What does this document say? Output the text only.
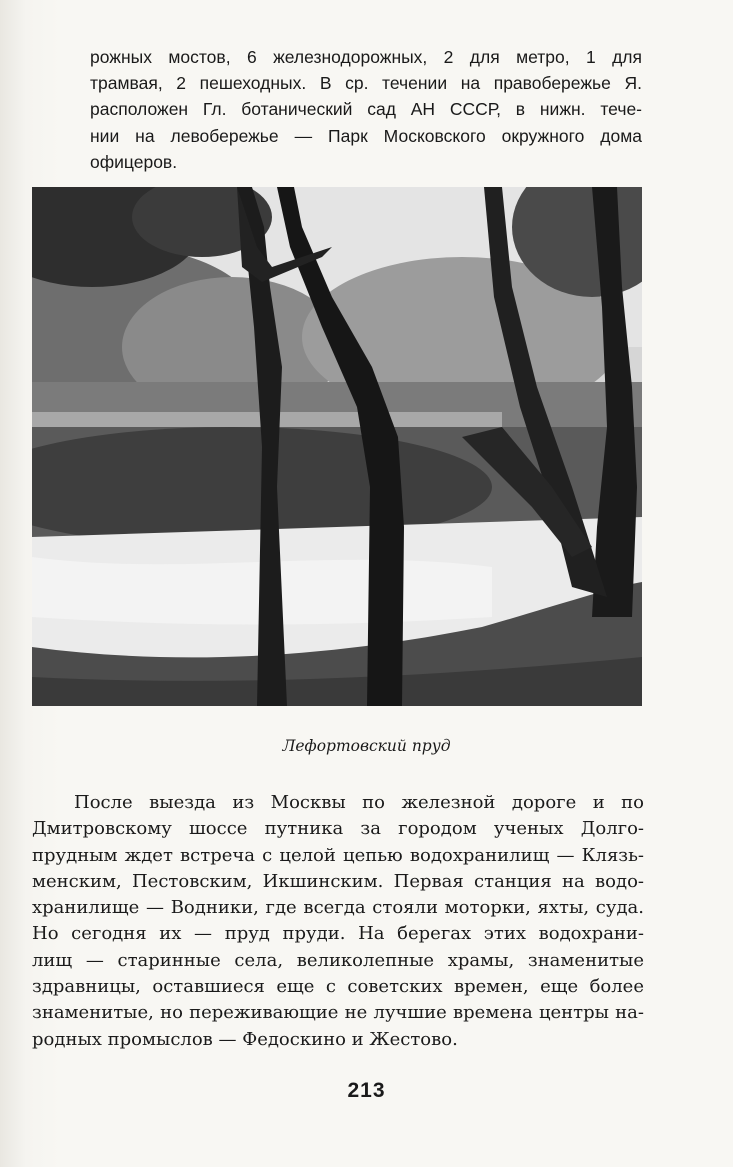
рожных мостов, 6 железнодорожных, 2 для метро, 1 для
трамвая, 2 пешеходных. В ср. течении на правобережье Я.
расположен Гл. ботанический сад АН СССР, в нижн. тече-
нии на левобережье — Парк Московского окружного дома
офицеров.
Лефортовский пруд
После выезда из Москвы по железной дороге и по
Дмитровскому шоссе путника за городом ученых Долго-
прудным ждет встреча с целой цепью водохранилищ — Клязь-
менским, Пестовским, Икшинским. Первая станция на водо-
хранилище — Водники, где всегда стояли моторки, яхты, суда.
Но сегодня их — пруд пруди. На берегах этих водохрани-
лищ — старинные села, великолепные храмы, знаменитые
здравницы, оставшиеся еще с советских времен, еще более
знаменитые, но переживающие не лучшие времена центры на-
родных промыслов — Федоскино и Жестово.
213
